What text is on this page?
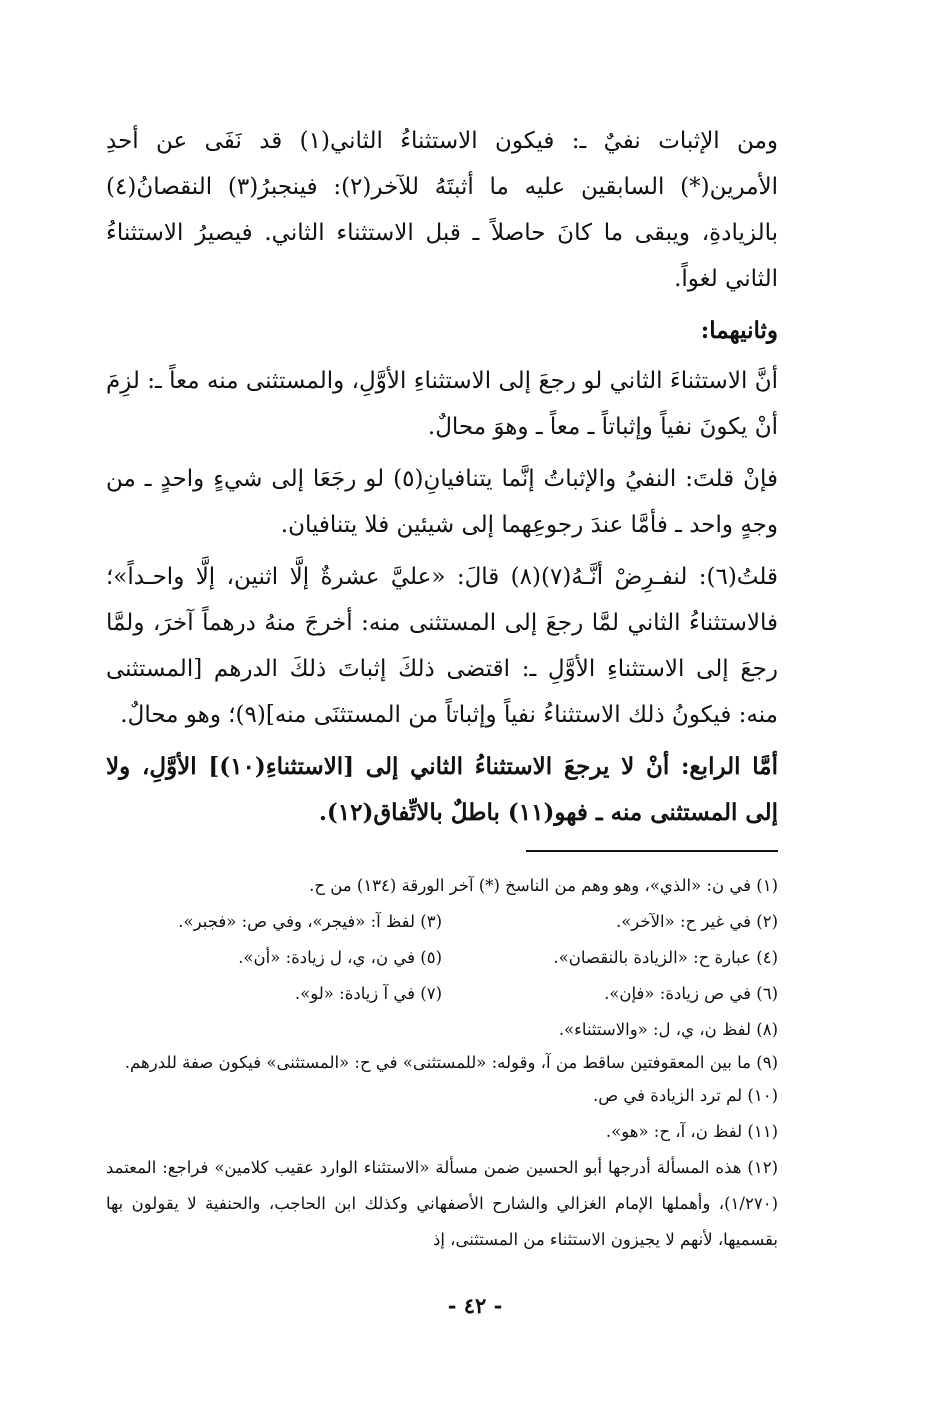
ومن الإثبات نفيٌ ـ: فيكون الاستثناءُ الثاني(١) قد نَفَى عن أحدِ الأمرين(*) السابقين عليه ما أثبتَهُ للآخر(٢): فينجبرُ(٣) النقصانُ(٤) بالزيادةِ، ويبقى ما كانَ حاصلاً ـ قبل الاستثناء الثاني. فيصيرُ الاستثناءُ الثاني لغواً.

وثانيهما:

أنَّ الاستثناءَ الثاني لو رجعَ إلى الاستثناءِ الأوَّلِ، والمستثنى منه معاً ـ: لزِمَ أنْ يكونَ نفياً وإثباتاً ـ معاً ـ وهوَ محالٌ.

فإنْ قلتَ: النفيُ والإثباتُ إنَّما يتنافيانِ(٥) لو رجَعَا إلى شيءٍ واحدٍ ـ من وجهٍ واحد ـ فأمَّا عندَ رجوعِهما إلى شيئين فلا يتنافيان.

قلتُ(٦): لنفـرِضْ أنَّـهُ(٧)(٨) قالَ: «عليَّ عشرةٌ إلَّا اثنين، إلَّا واحـداً»؛ فالاستثناءُ الثاني لمَّا رجعَ إلى المستثنى منه: أخرجَ منهُ درهماً آخرَ، ولمَّا رجعَ إلى الاستثناءِ الأوَّلِ ـ: اقتضى ذلكَ إثباتَ ذلكَ الدرهم [المستثنى منه: فيكونُ ذلك الاستثناءُ نفياً وإثباتاً من المستثنَى منه](٩)؛ وهو محالٌ.

أمَّا الرابع: أنْ لا يرجعَ الاستثناءُ الثاني إلى [الاستثناءِ(١٠)] الأوَّلِ، ولا إلى المستثنى منه ـ فهو(١١) باطلٌ بالاتِّفاق(١٢).

(١) في ن: «الذي»، وهو وهم من الناسخ (*) آخر الورقة (١٣٤) من ح.

(٢) في غير ح: «الآخر».
(٣) لفظ آ: «فيجر»، وفي ص: «فجبر».
(٤) عبارة ح: «الزيادة بالنقصان».
(٥) في ن، ي، ل زيادة: «أن».
(٦) في ص زيادة: «فإن».
(٧) في آ زيادة: «لو».

(٨) لفظ ن، ي، ل: «والاستثناء».

(٩) ما بين المعقوفتين ساقط من آ، وقوله: «للمستثنى» في ح: «المستثنى» فيكون صفة للدرهم.

(١٠) لم ترد الزيادة في ص.

(١١) لفظ ن، آ، ح: «هو».

(١٢) هذه المسألة أدرجها أبو الحسين ضمن مسألة «الاستثناء الوارد عقيب كلامين» فراجع: المعتمد (١/٢٧٠)، وأهملها الإمام الغزالي والشارح الأصفهاني وكذلك ابن الحاجب، والحنفية لا يقولون بها بقسميها، لأنهم لا يجيزون الاستثناء من المستثنى، إذ

- ٤٢ -
